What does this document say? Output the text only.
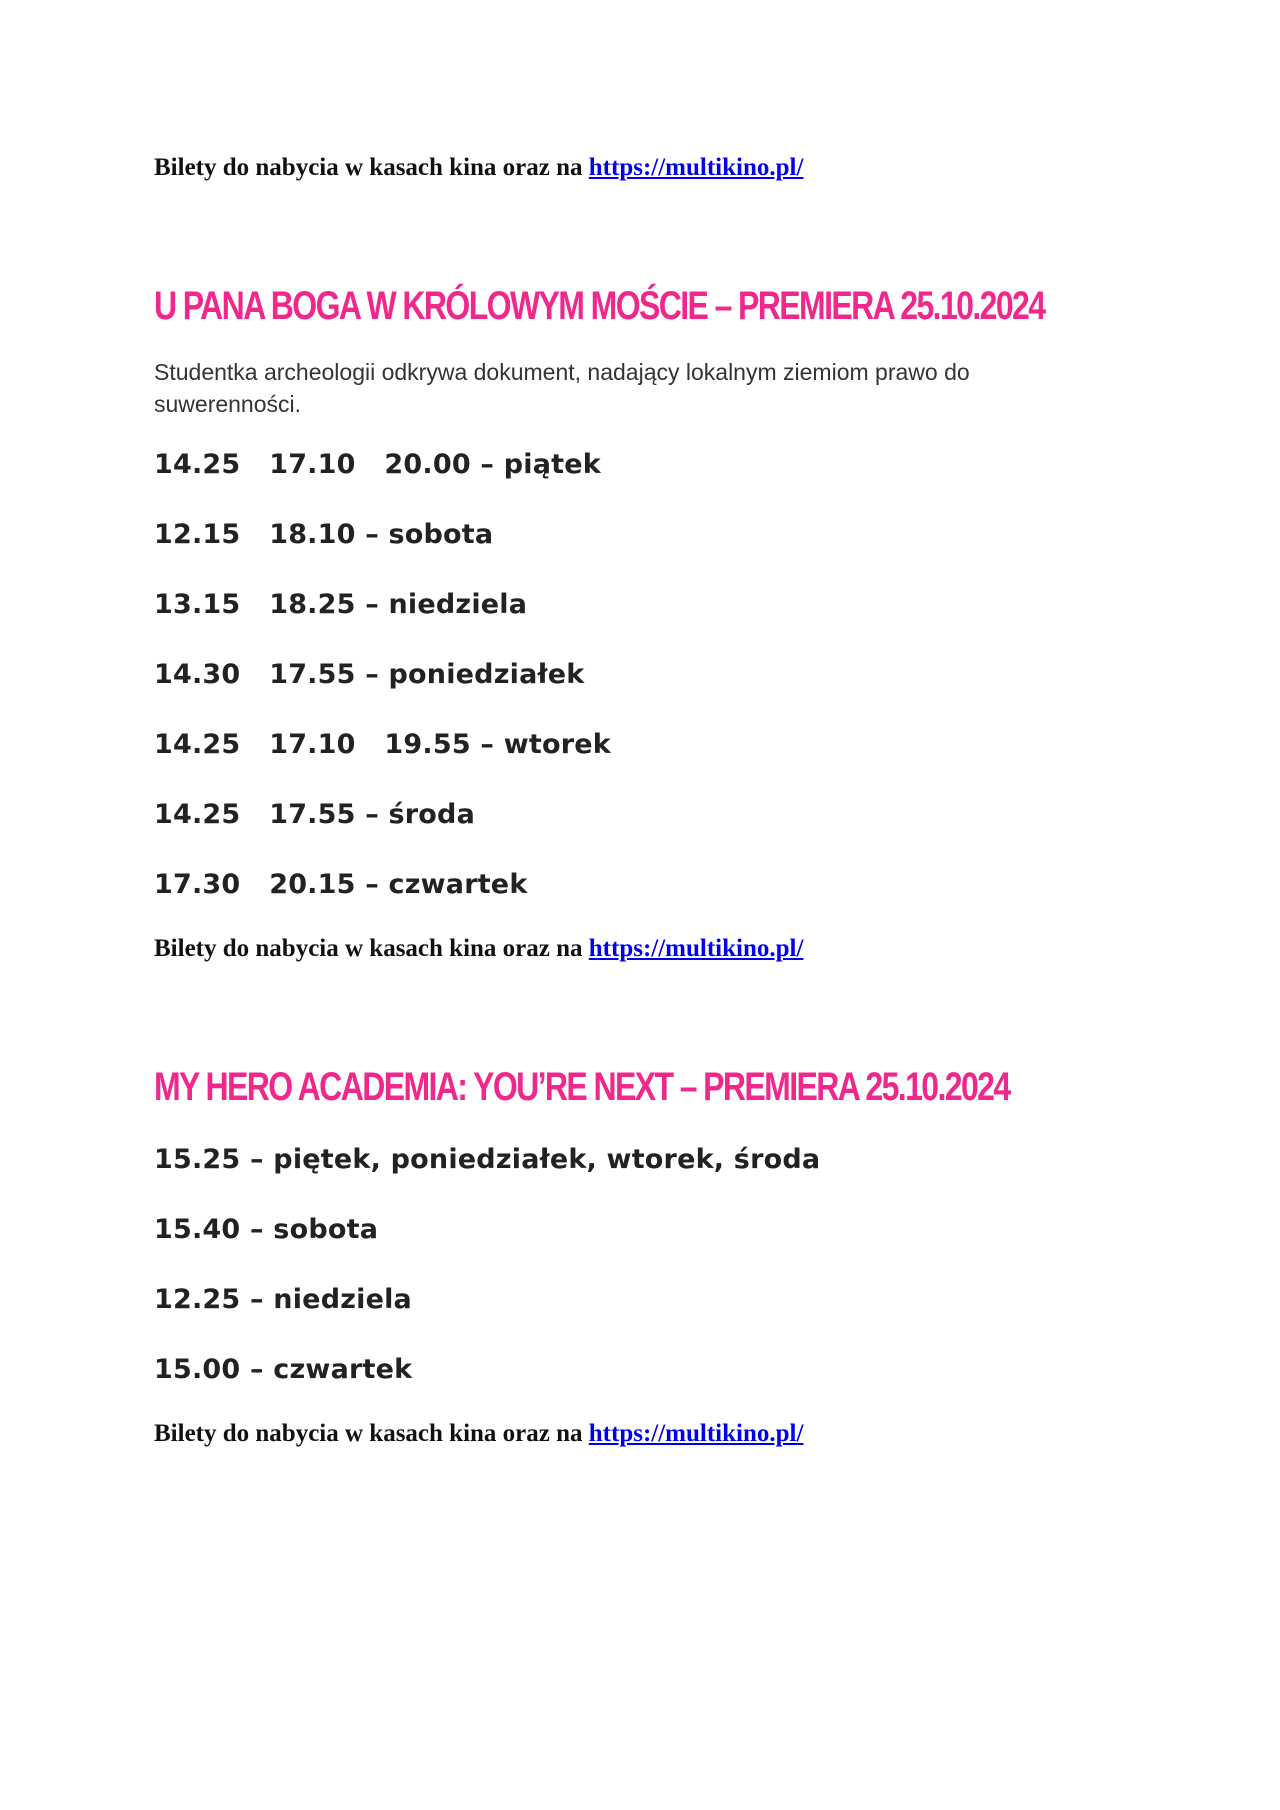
Bilety do nabycia w kasach kina oraz na https://multikino.pl/
U PANA BOGA W KRÓLOWYM MOŚCIE – PREMIERA 25.10.2024
Studentka archeologii odkrywa dokument, nadający lokalnym ziemiom prawo do suwerenności.
14.25   17.10   20.00 – piątek
12.15   18.10 – sobota
13.15   18.25 – niedziela
14.30   17.55 – poniedziałek
14.25   17.10   19.55 – wtorek
14.25   17.55 – środa
17.30   20.15 – czwartek
Bilety do nabycia w kasach kina oraz na https://multikino.pl/
MY HERO ACADEMIA: YOU’RE NEXT – PREMIERA 25.10.2024
15.25 – piętek, poniedziałek, wtorek, środa
15.40 – sobota
12.25 – niedziela
15.00 – czwartek
Bilety do nabycia w kasach kina oraz na https://multikino.pl/
